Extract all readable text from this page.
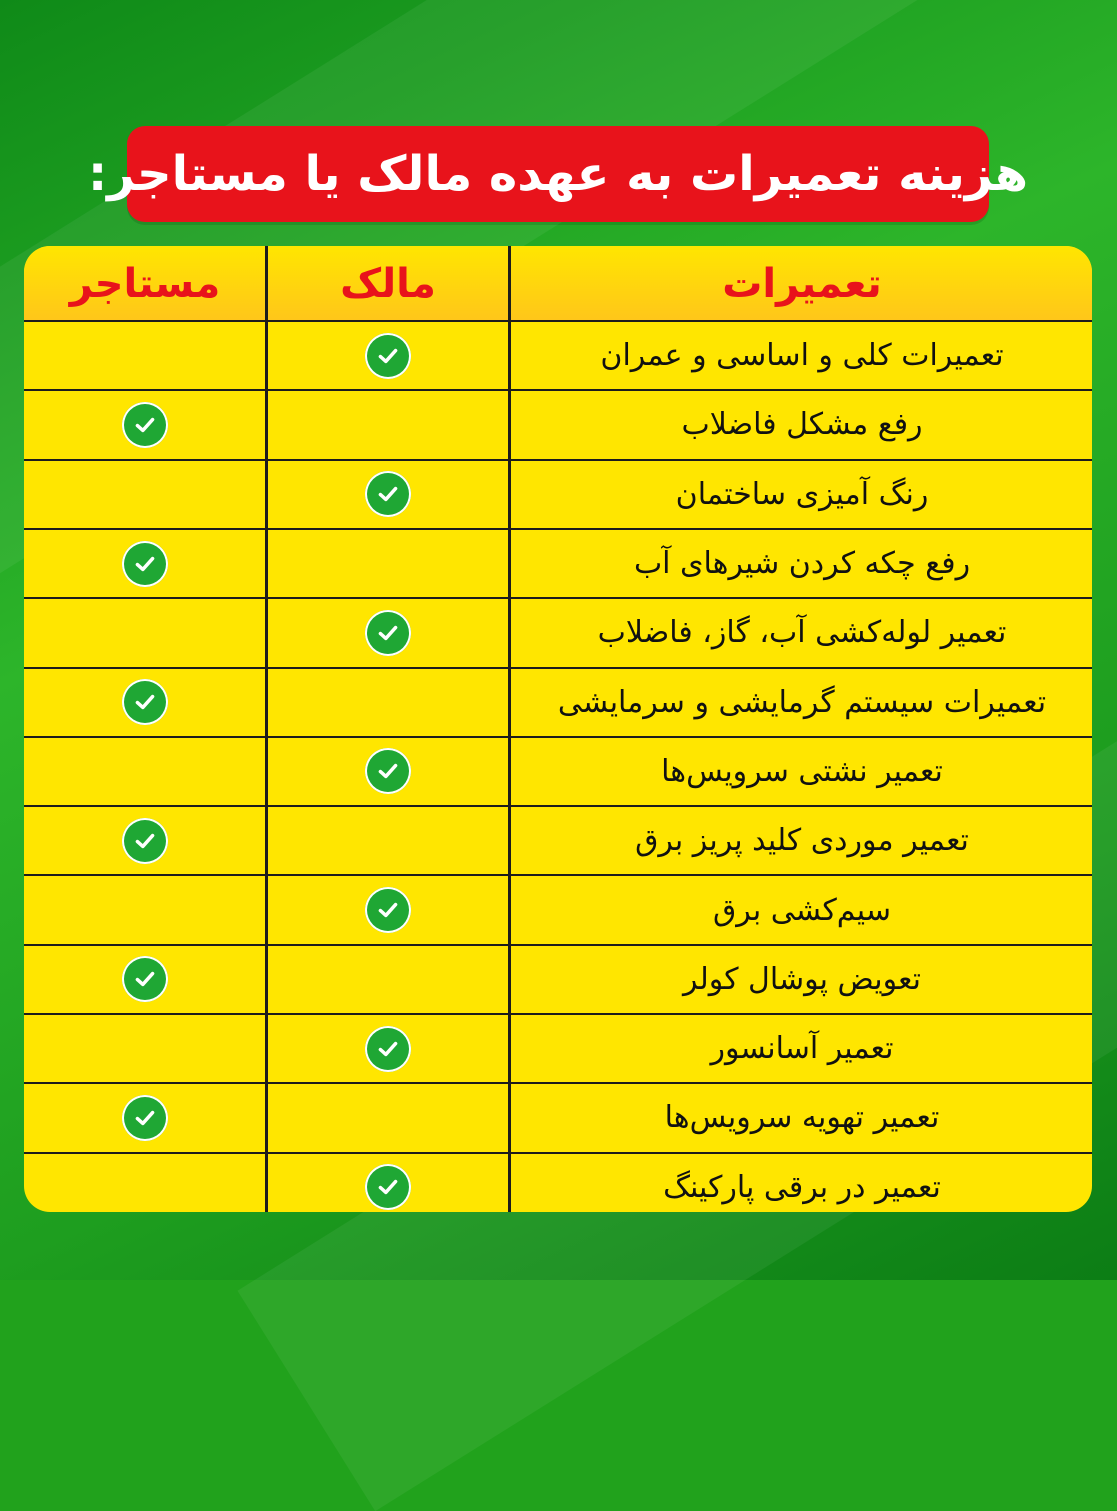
هزینه تعمیرات به عهده مالک یا مستاجر:
تعمیرات
مالک
مستاجر
تعمیرات کلی و اساسی و عمران
رفع مشکل فاضلاب
رنگ آمیزی ساختمان
رفع چکه کردن شیرهای آب
تعمیر لوله‌کشی آب، گاز، فاضلاب
تعمیرات سیستم گرمایشی و سرمایشی
تعمیر نشتی سرویس‌ها
تعمیر موردی کلید پریز برق
سیم‌کشی برق
تعویض پوشال کولر
تعمیر آسانسور
تعمیر تهویه سرویس‌ها
تعمیر در برقی پارکینگ
